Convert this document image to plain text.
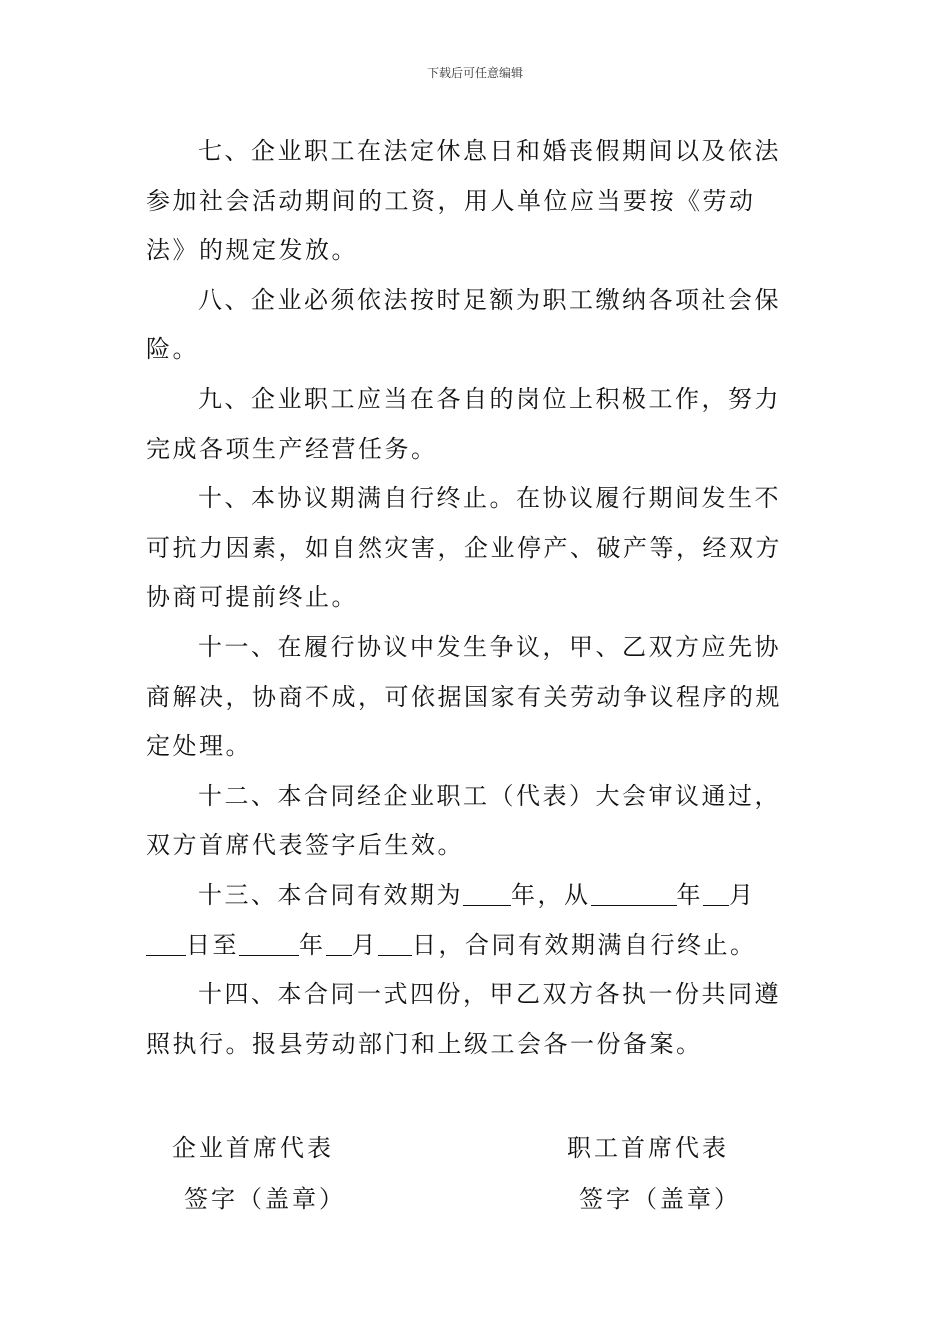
下载后可任意编辑

七、企业职工在法定休息日和婚丧假期间以及依法参加社会活动期间的工资，用人单位应当要按《劳动法》的规定发放。

八、企业必须依法按时足额为职工缴纳各项社会保险。

九、企业职工应当在各自的岗位上积极工作，努力完成各项生产经营任务。

十、本协议期满自行终止。在协议履行期间发生不可抗力因素，如自然灾害，企业停产、破产等，经双方协商可提前终止。

十一、在履行协议中发生争议，甲、乙双方应先协商解决，协商不成，可依据国家有关劳动争议程序的规定处理。

十二、本合同经企业职工（代表）大会审议通过，双方首席代表签字后生效。

十三、本合同有效期为 年，从	年 月日至	年 月 日，合同有效期满自行终止。

十四、本合同一式四份，甲乙双方各执一份共同遵照执行。报县劳动部门和上级工会各一份备案。

企业首席代表
签字（盖章）
职工首席代表
签字（盖章）
